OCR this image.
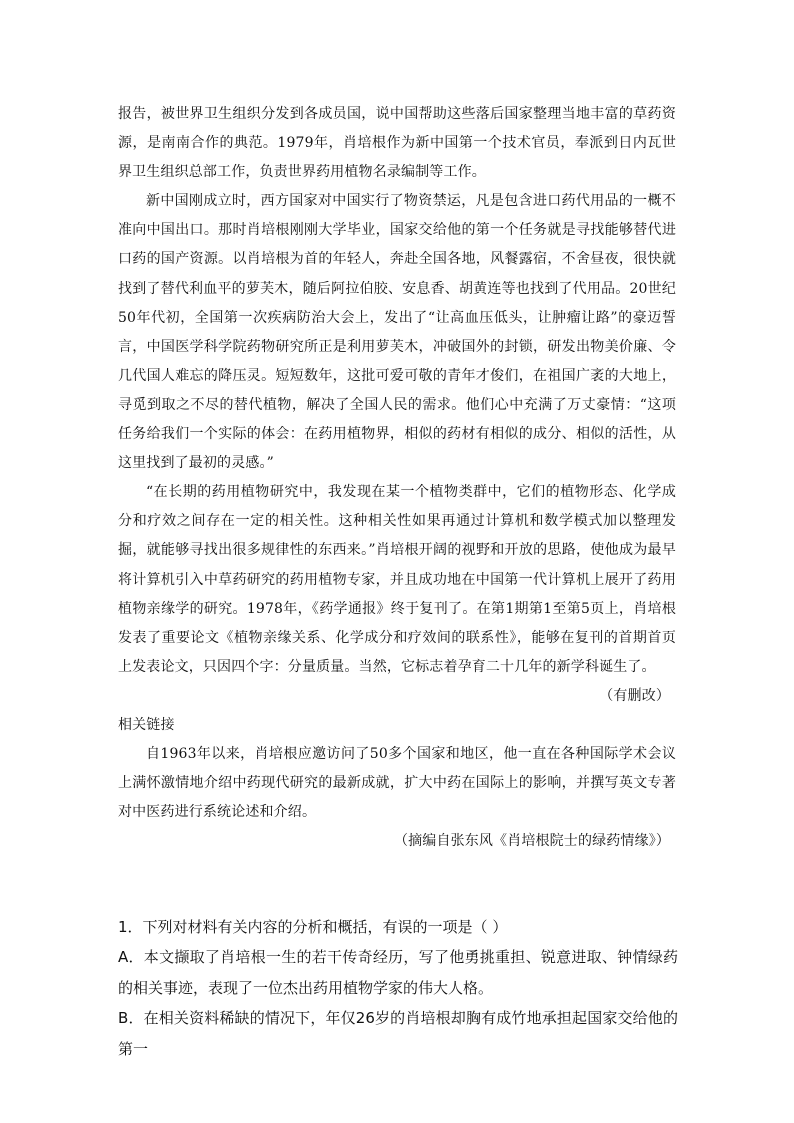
报告，被世界卫生组织分发到各成员国，说中国帮助这些落后国家整理当地丰富的草药资源，是南南合作的典范。1979年，肖培根作为新中国第一个技术官员，奉派到日内瓦世界卫生组织总部工作，负责世界药用植物名录编制等工作。

新中国刚成立时，西方国家对中国实行了物资禁运，凡是包含进口药代用品的一概不准向中国出口。那时肖培根刚刚大学毕业，国家交给他的第一个任务就是寻找能够替代进口药的国产资源。以肖培根为首的年轻人，奔赴全国各地，风餐露宿，不舍昼夜，很快就找到了替代利血平的萝芙木，随后阿拉伯胶、安息香、胡黄连等也找到了代用品。20世纪50年代初，全国第一次疾病防治大会上，发出了“让高血压低头，让肿瘤让路”的豪迈誓言，中国医学科学院药物研究所正是利用萝芙木，冲破国外的封锁，研发出物美价廉、令几代国人难忘的降压灵。短短数年，这批可爱可敬的青年才俊们，在祖国广袤的大地上，寻觅到取之不尽的替代植物，解决了全国人民的需求。他们心中充满了万丈豪情：“这项任务给我们一个实际的体会：在药用植物界，相似的药材有相似的成分、相似的活性，从这里找到了最初的灵感。”

“在长期的药用植物研究中，我发现在某一个植物类群中，它们的植物形态、化学成分和疗效之间存在一定的相关性。这种相关性如果再通过计算机和数学模式加以整理发掘，就能够寻找出很多规律性的东西来。”肖培根开阔的视野和开放的思路，使他成为最早将计算机引入中草药研究的药用植物专家，并且成功地在中国第一代计算机上展开了药用植物亲缘学的研究。1978年，《药学通报》终于复刊了。在第1期第1至第5页上，肖培根发表了重要论文《植物亲缘关系、化学成分和疗效间的联系性》，能够在复刊的首期首页上发表论文，只因四个字：分量质量。当然，它标志着孕育二十几年的新学科诞生了。

（有删改）

相关链接

自1963年以来，肖培根应邀访问了50多个国家和地区，他一直在各种国际学术会议上满怀激情地介绍中药现代研究的最新成就，扩大中药在国际上的影响，并撰写英文专著对中医药进行系统论述和介绍。

（摘编自张东风《肖培根院士的绿药情缘》）

1．下列对材料有关内容的分析和概括，有误的一项是（ ）

A．本文撷取了肖培根一生的若干传奇经历，写了他勇挑重担、锐意进取、钟情绿药的相关事迹，表现了一位杰出药用植物学家的伟大人格。

B．在相关资料稀缺的情况下，年仅26岁的肖培根却胸有成竹地承担起国家交给他的第一
